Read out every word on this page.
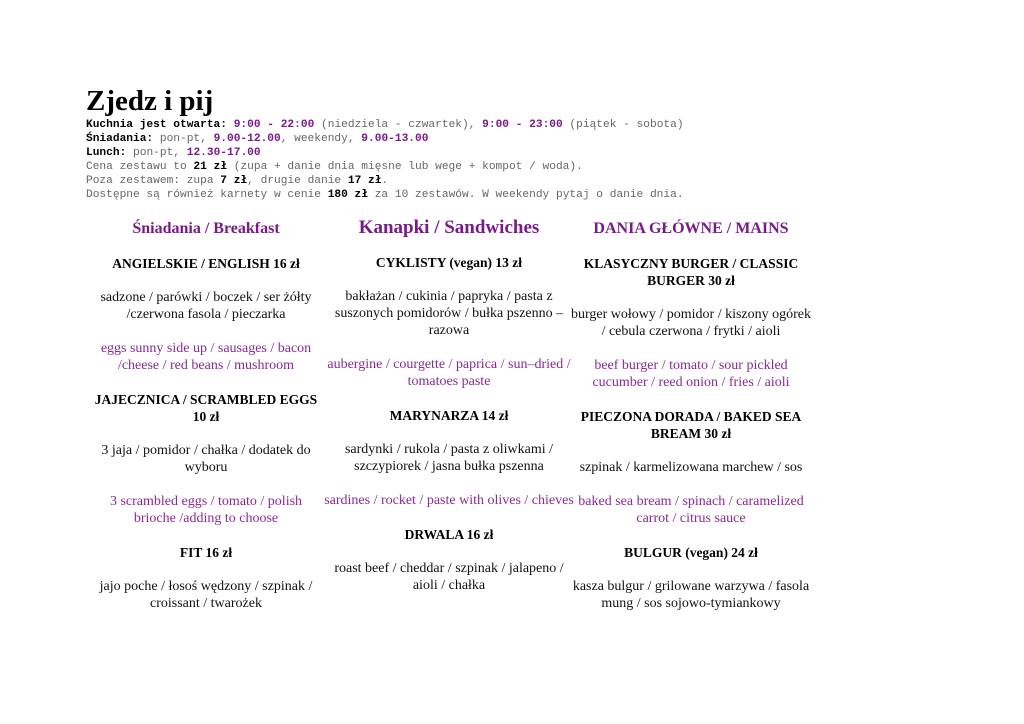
Zjedz i pij
Kuchnia jest otwarta: 9:00 - 22:00 (niedziela - czwartek), 9:00 - 23:00 (piątek - sobota)
Śniadania: pon-pt, 9.00-12.00, weekendy, 9.00-13.00
Lunch: pon-pt, 12.30-17.00
Cena zestawu to 21 zł (zupa + danie dnia mięsne lub wege + kompot / woda).
Poza zestawem: zupa 7 zł, drugie danie 17 zł.
Dostępne są również karnety w cenie 180 zł za 10 zestawów. W weekendy pytaj o danie dnia.
Śniadania / Breakfast
ANGIELSKIE / ENGLISH 16 zł
sadzone / parówki / boczek / ser żółty /czerwona fasola / pieczarka
eggs sunny side up / sausages / bacon /cheese / red beans / mushroom
JAJECZNICA / SCRAMBLED EGGS 10 zł
3 jaja / pomidor / chałka / dodatek do wyboru
3 scrambled eggs / tomato / polish brioche /adding to choose
FIT 16 zł
jajo poche / łosoś wędzony / szpinak / croissant / twarożek
Kanapki / Sandwiches
CYKLISTY (vegan) 13 zł
bakłażan / cukinia / papryka / pasta z suszonych pomidorów / bułka pszenno – razowa
aubergine / courgette / paprica / sun–dried / tomatoes paste
MARYNARZA 14 zł
sardynki / rukola / pasta z oliwkami / szczypiorek / jasna bułka pszenna
sardines / rocket / paste with olives / chieves
DRWALA 16 zł
roast beef / cheddar / szpinak / jalapeno / aioli / chałka
DANIA GŁÓWNE / MAINS
KLASYCZNY BURGER / CLASSIC BURGER 30 zł
burger wołowy / pomidor / kiszony ogórek / cebula czerwona / frytki / aioli
beef burger / tomato / sour pickled cucumber / reed onion / fries / aioli
PIECZONA DORADA / BAKED SEA BREAM 30 zł
szpinak / karmelizowana marchew / sos
baked sea bream / spinach / caramelized carrot / citrus sauce
BULGUR (vegan) 24 zł
kasza bulgur / grilowane warzywa / fasola mung / sos sojowo-tymiankowy
